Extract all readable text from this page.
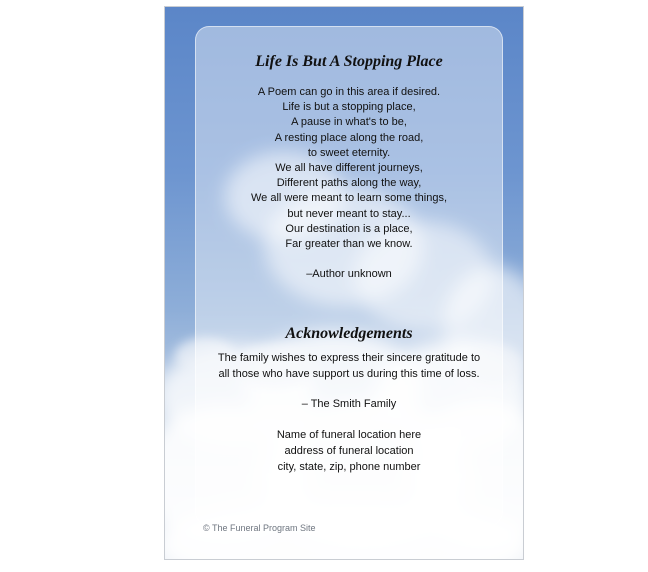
Life Is But A Stopping Place

A Poem can go in this area if desired.

Life is but a stopping place,

A pause in what's to be,

A resting place along the road,

to sweet eternity.

We all have different journeys,

Different paths along the way,

We all were meant to learn some things,

but never meant to stay...

Our destination is a place,

Far greater than we know.

–Author unknown
Acknowledgements

The family wishes to express their sincere gratitude to

all those who have support us during this time of loss.

– The Smith Family

Name of funeral location here

address of funeral location

city, state, zip, phone number

© The Funeral Program Site
